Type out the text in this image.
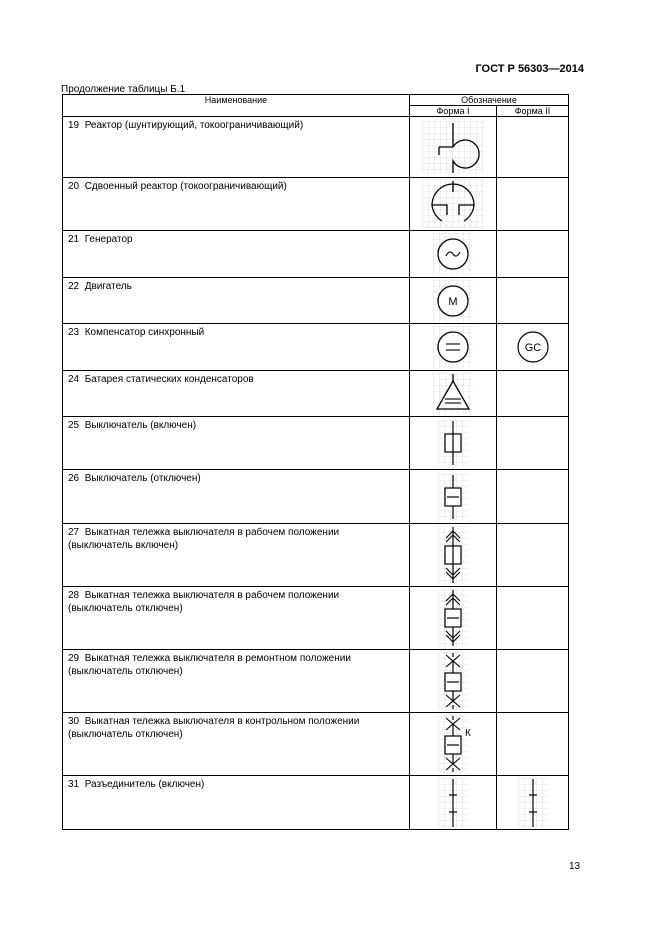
ГОСТ Р 56303—2014
Продолжение таблицы Б.1
Наименование	Обозначение	
	Форма I	Форма II
19 Реактор (шунтирующий, токоограничивающий)	

20 Сдвоенный реактор (токоограничивающий)	

21 Генератор	

22 Двигатель	M	

23 Компенсатор синхронный		GC

24 Батарея статических конденсаторов	

25 Выключатель (включен)	

26 Выключатель (отключен)	

27 Выкатная тележка выключателя в рабочем положении (выключатель включен)	

28 Выкатная тележка выключателя в рабочем положении (выключатель отключен)	

29 Выкатная тележка выключателя в ремонтном положении (выключатель отключен)	

30 Выкатная тележка выключателя в контрольном положении (выключатель отключен)	К	

31 Разъединитель (включен)	

13
